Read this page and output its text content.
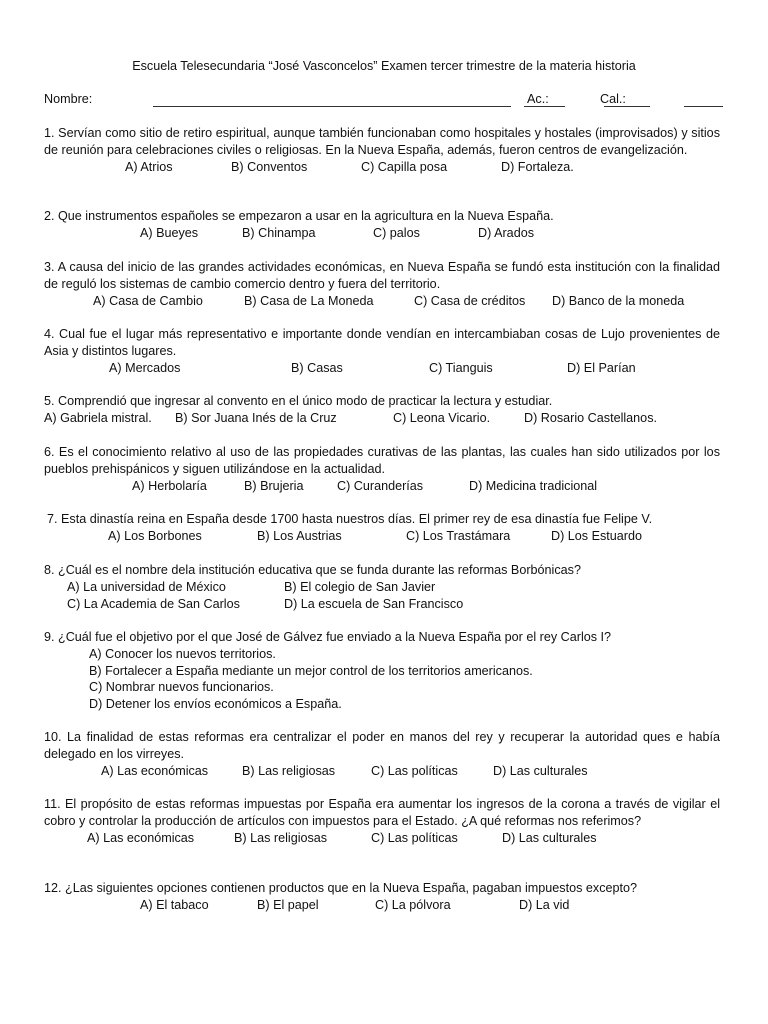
Escuela Telesecundaria “José Vasconcelos” Examen tercer trimestre de la materia historia
Nombre:	Ac.:	Cal.:
1. Servían como sitio de retiro espiritual, aunque también funcionaban como hospitales y hostales (improvisados) y sitios de reunión para celebraciones civiles o religiosas. En la Nueva España, además, fueron centros de evangelización.
A) Atrios	B) Conventos	C) Capilla posa	D) Fortaleza.
2. Que instrumentos españoles se empezaron a usar en la agricultura en la Nueva España.
A) Bueyes	B) Chinampa	C) palos	D) Arados
3. A causa del inicio de las grandes actividades económicas, en Nueva España se fundó esta institución con la finalidad de reguló los sistemas de cambio comercio dentro y fuera del territorio.
A) Casa de Cambio	B) Casa de La Moneda	C) Casa de créditos D) Banco de la moneda
4. Cual fue el lugar más representativo e importante donde vendían en intercambiaban cosas de Lujo provenientes de Asia y distintos lugares.
A) Mercados	B) Casas	C) Tianguis	D) El Parían
5. Comprendió que ingresar al convento en el único modo de practicar la lectura y estudiar.
A) Gabriela mistral. B) Sor Juana Inés de la Cruz	C) Leona Vicario.	D) Rosario Castellanos.
6. Es el conocimiento relativo al uso de las propiedades curativas de las plantas, las cuales han sido utilizados por los pueblos prehispánicos y siguen utilizándose en la actualidad.
A) Herbolaría	B) Brujeria	C) Curanderías	D) Medicina tradicional
7. Esta dinastía reina en España desde 1700 hasta nuestros días. El primer rey de esa dinastía fue Felipe V.
A) Los Borbones	B) Los Austrias	C) Los Trastámara	D) Los Estuardo
8. ¿Cuál es el nombre dela institución educativa que se funda durante las reformas Borbónicas?
A) La universidad de México	B) El colegio de San Javier
C) La Academia de San Carlos	D) La escuela de San Francisco
9. ¿Cuál fue el objetivo por el que José de Gálvez fue enviado a la Nueva España por el rey Carlos I?
A) Conocer los nuevos territorios.
B) Fortalecer a España mediante un mejor control de los territorios americanos.
C) Nombrar nuevos funcionarios.
D) Detener los envíos económicos a España.
10. La finalidad de estas reformas era centralizar el poder en manos del rey y recuperar la autoridad ques e había delegado en los virreyes.
A) Las económicas	B) Las religiosas	C) Las políticas	D) Las culturales
11. El propósito de estas reformas impuestas por España era aumentar los ingresos de la corona a través de vigilar el cobro y controlar la producción de artículos con impuestos para el Estado. ¿A qué reformas nos referimos?
A) Las económicas	B) Las religiosas	C) Las políticas	D) Las culturales
12. ¿Las siguientes opciones contienen productos que en la Nueva España, pagaban impuestos excepto?
A) El tabaco	B) El papel	C) La pólvora	D) La vid
